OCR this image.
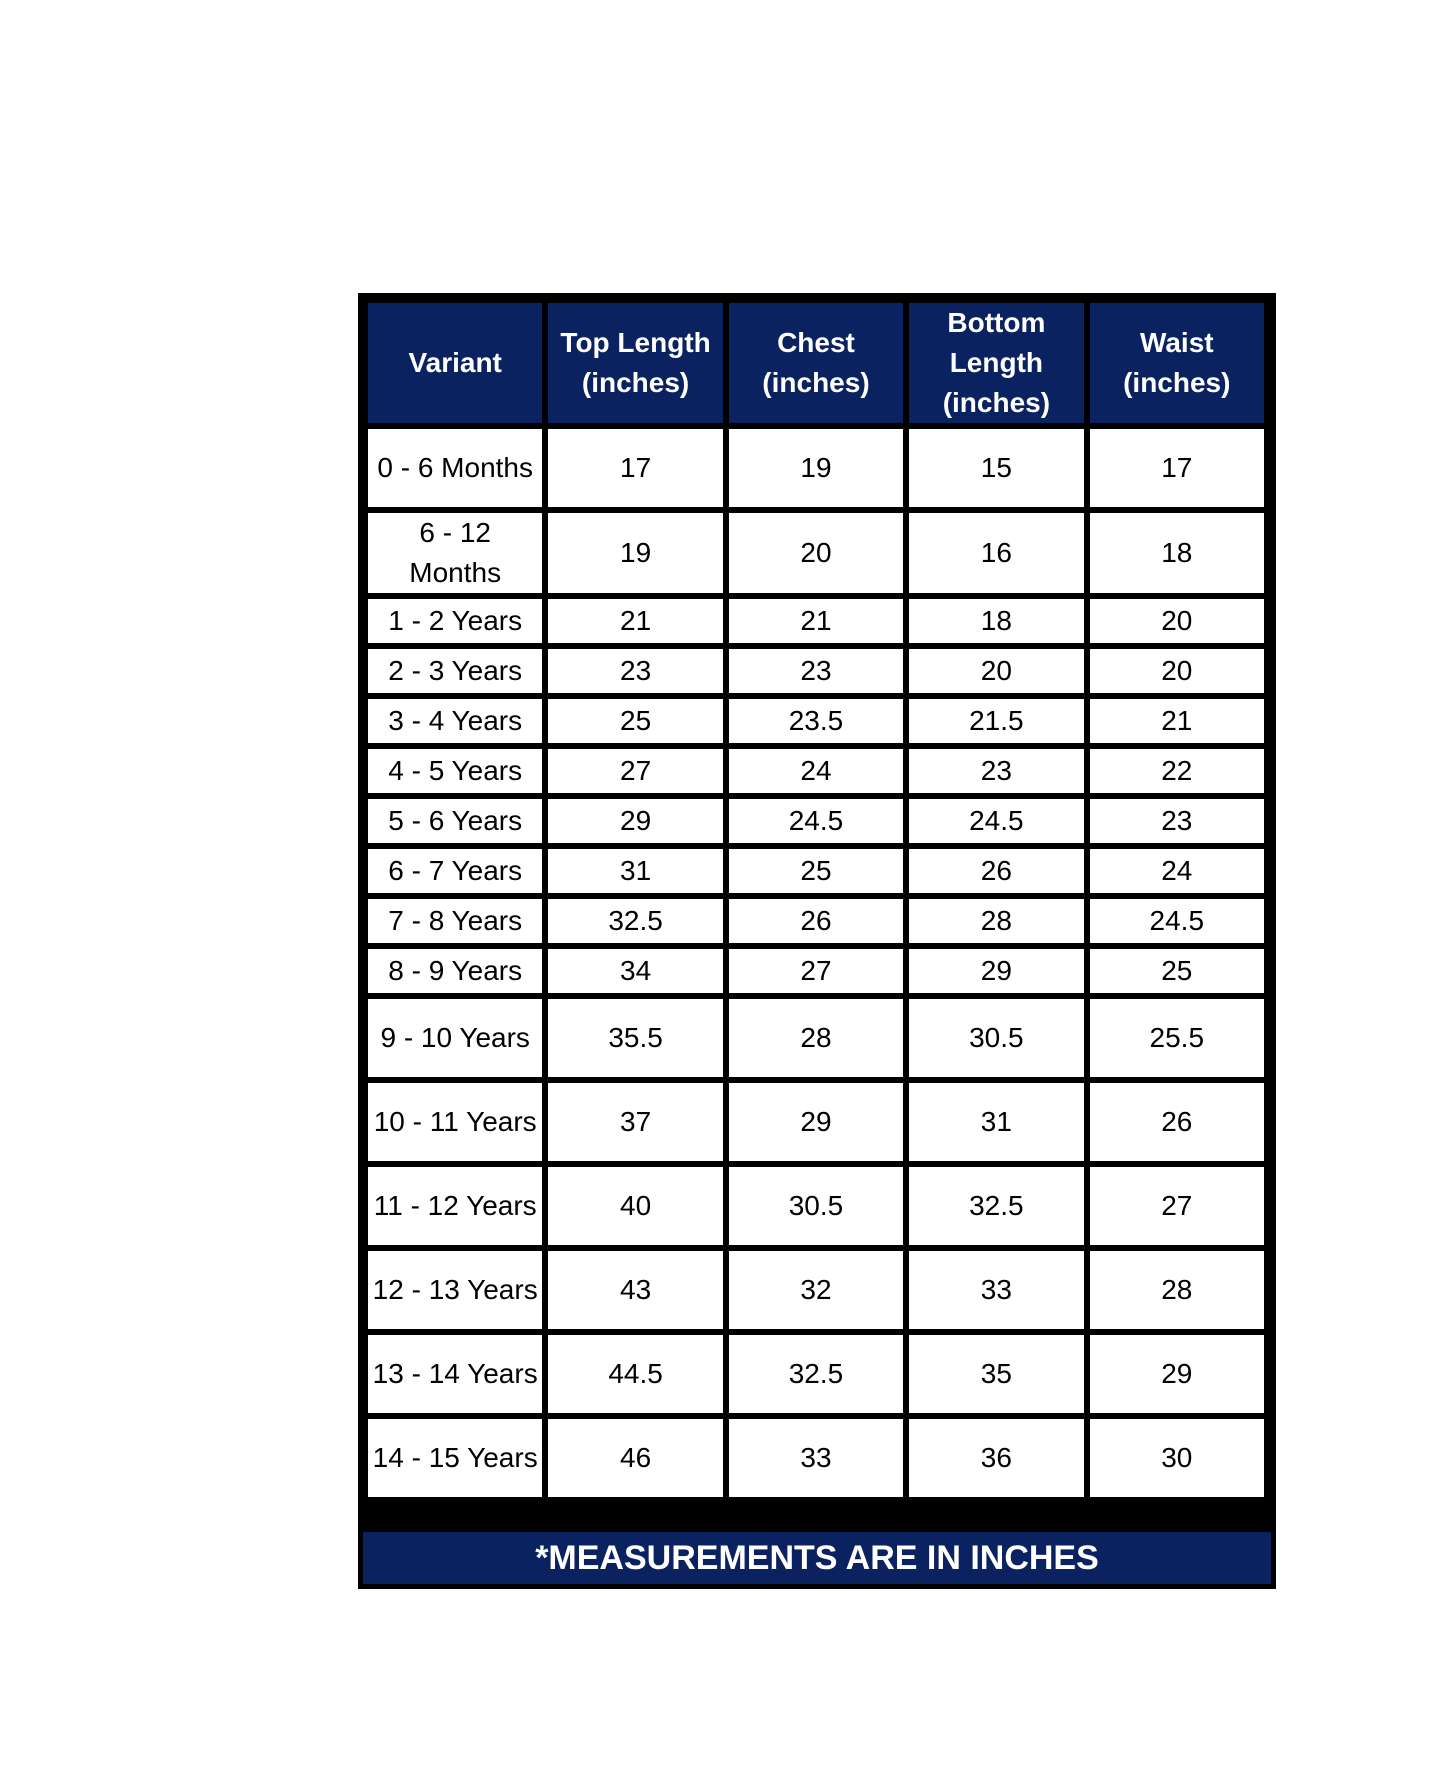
Variant	Top Length (inches)	Chest (inches)	Bottom Length (inches)	Waist (inches)
0 - 6 Months	17	19	15	17
6 - 12 Months	19	20	16	18
1 - 2 Years	21	21	18	20
2 - 3 Years	23	23	20	20
3 - 4 Years	25	23.5	21.5	21
4 - 5 Years	27	24	23	22
5 - 6 Years	29	24.5	24.5	23
6 - 7 Years	31	25	26	24
7 - 8 Years	32.5	26	28	24.5
8 - 9 Years	34	27	29	25
9 - 10 Years	35.5	28	30.5	25.5
10 - 11 Years	37	29	31	26
11 - 12 Years	40	30.5	32.5	27
12 - 13 Years	43	32	33	28
13 - 14 Years	44.5	32.5	35	29
14 - 15 Years	46	33	36	30
*MEASUREMENTS ARE IN INCHES
